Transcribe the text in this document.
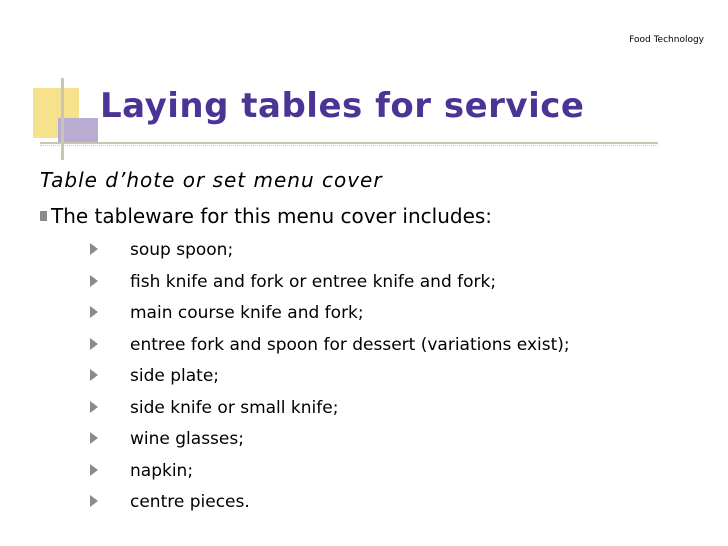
Food Technology
Laying tables for service
Table d’hote or set menu cover
The tableware for this menu cover includes:
soup spoon;
fish knife and fork or entree knife and fork;
main course knife and fork;
entree fork and spoon for dessert (variations exist);
side plate;
side knife or small knife;
wine glasses;
napkin;
centre pieces.
